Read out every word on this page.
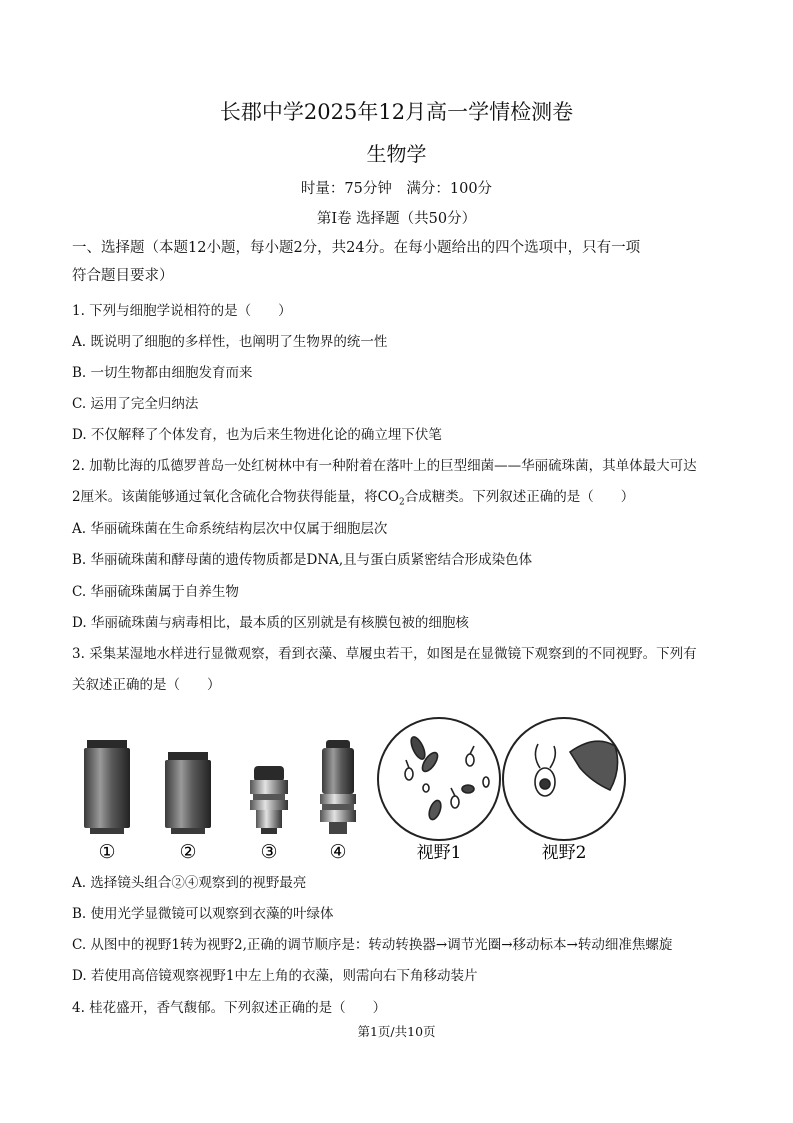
长郡中学2025年12月高一学情检测卷
生物学
时量：75分钟　满分：100分
第I卷 选择题（共50分）
一、选择题（本题12小题，每小题2分，共24分。在每小题给出的四个选项中，只有一项
符合题目要求）
1. 下列与细胞学说相符的是（　　）
A. 既说明了细胞的多样性，也阐明了生物界的统一性
B. 一切生物都由细胞发育而来
C. 运用了完全归纳法
D. 不仅解释了个体发育，也为后来生物进化论的确立埋下伏笔
2. 加勒比海的瓜德罗普岛一处红树林中有一种附着在落叶上的巨型细菌——华丽硫珠菌，其单体最大可达
2厘米。该菌能够通过氧化含硫化合物获得能量，将$CO_2$合成糖类。下列叙述正确的是（　　）
A. 华丽硫珠菌在生命系统结构层次中仅属于细胞层次
B. 华丽硫珠菌和酵母菌的遗传物质都是DNA,且与蛋白质紧密结合形成染色体
C. 华丽硫珠菌属于自养生物
D. 华丽硫珠菌与病毒相比，最本质的区别就是有核膜包被的细胞核
3. 采集某湿地水样进行显微观察，看到衣藻、草履虫若干，如图是在显微镜下观察到的不同视野。下列有
关叙述正确的是（　　）
视野1	视野2
①	②	③	④
A. 选择镜头组合②④观察到的视野最亮
B. 使用光学显微镜可以观察到衣藻的叶绿体
C. 从图中的视野1转为视野2,正确的调节顺序是：转动转换器→调节光圈→移动标本→转动细准焦螺旋
D. 若使用高倍镜观察视野1中左上角的衣藻，则需向右下角移动装片
4. 桂花盛开，香气馥郁。下列叙述正确的是（　　）
第1页/共10页
